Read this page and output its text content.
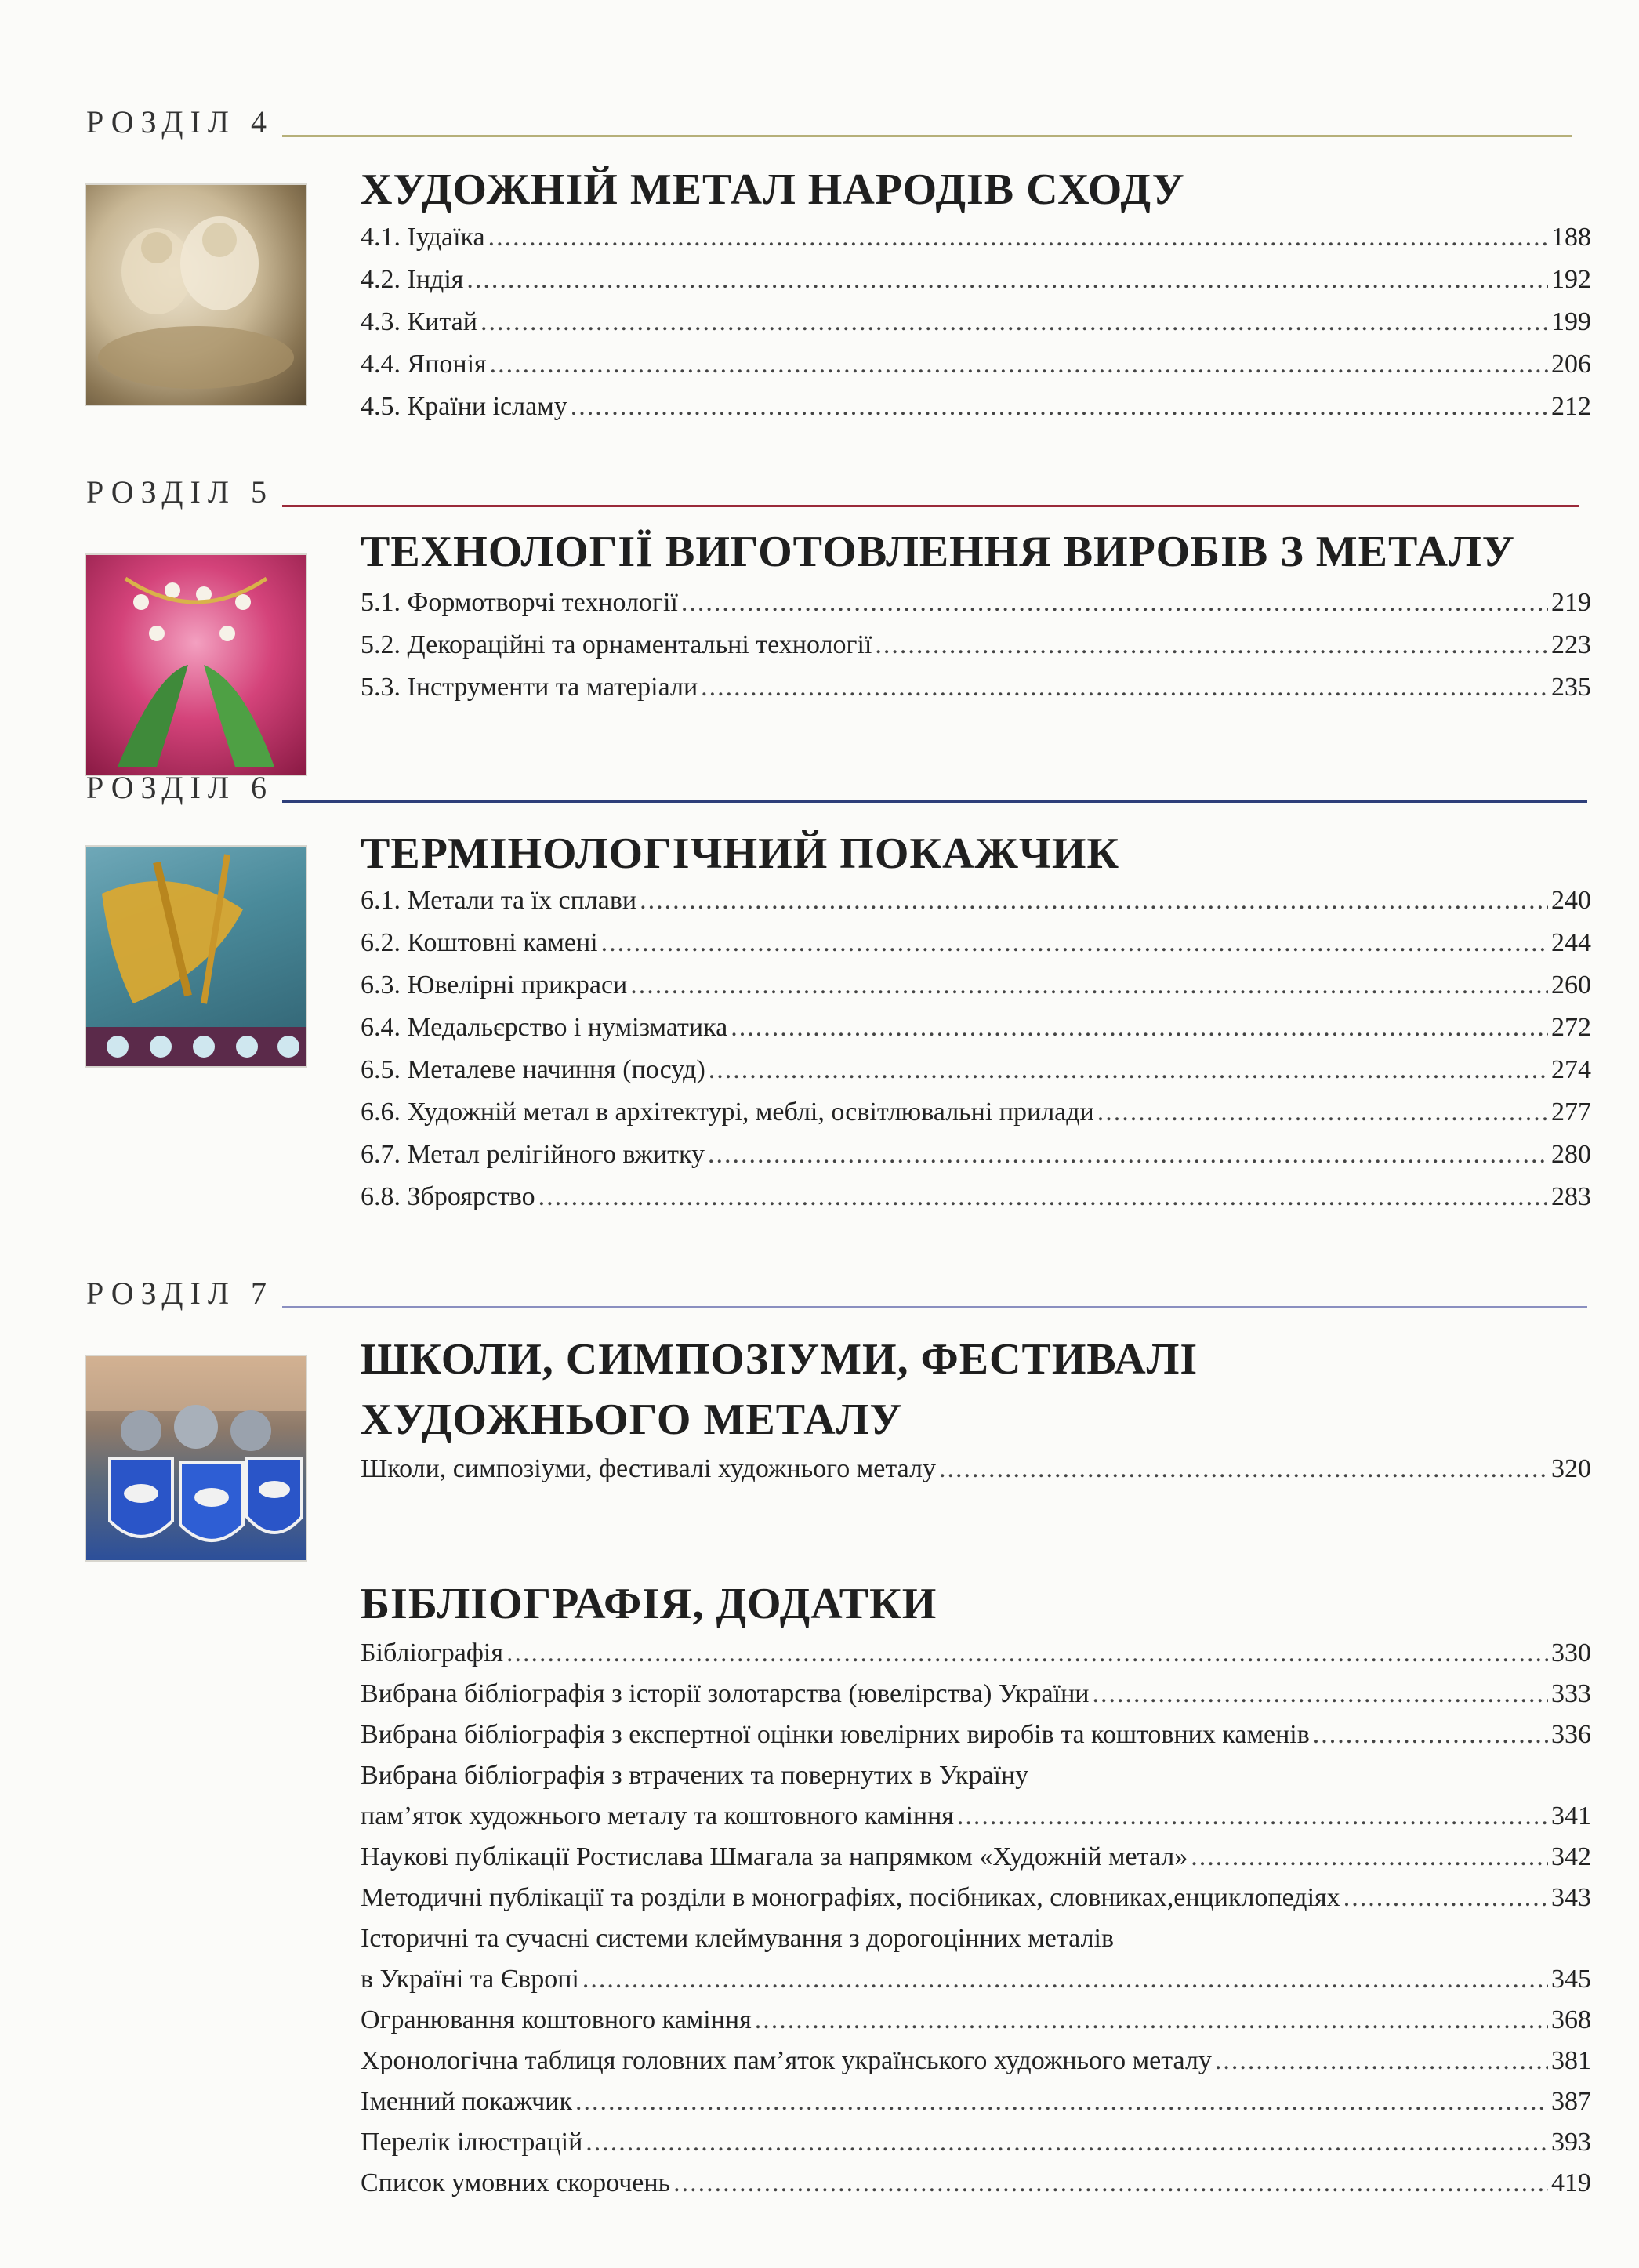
РОЗДІЛ 4
ХУДОЖНІЙ МЕТАЛ НАРОДІВ СХОДУ
4.1. Іудаїка .....	188
4.2. Індія .....	192
4.3. Китай .....	199
4.4. Японія .....	206
4.5. Країни ісламу .....	212
РОЗДІЛ 5
ТЕХНОЛОГІЇ ВИГОТОВЛЕННЯ ВИРОБІВ З МЕТАЛУ
5.1. Формотворчі технології .....	219
5.2. Декораційні та орнаментальні технології .....	223
5.3. Інструменти та матеріали .....	235
РОЗДІЛ 6
ТЕРМІНОЛОГІЧНИЙ ПОКАЖЧИК
6.1. Метали та їх сплави .....	240
6.2. Коштовні камені .....	244
6.3. Ювелірні прикраси .....	260
6.4. Медальєрство і нумізматика .....	272
6.5. Металеве начиння (посуд) .....	274
6.6. Художній метал в архітектурі, меблі, освітлювальні прилади .....	277
6.7. Метал релігійного вжитку .....	280
6.8. Зброярство .....	283
РОЗДІЛ 7
ШКОЛИ, СИМПОЗІУМИ, ФЕСТИВАЛІ
ХУДОЖНЬОГО МЕТАЛУ
Школи, симпозіуми, фестивалі художнього металу .....	320
БІБЛІОГРАФІЯ, ДОДАТКИ
Бібліографія .....	330
Вибрана бібліографія з історії золотарства (ювелірства) України .....	333
Вибрана бібліографія з експертної оцінки ювелірних виробів та коштовних каменів .....	336
Вибрана бібліографія з втрачених та повернутих в Україну
пам’яток художнього металу та коштовного каміння .....	341
Наукові публікації Ростислава Шмагала за напрямком «Художній метал» .....	342
Методичні публікації та розділи в монографіях, посібниках, словниках,енциклопедіях .....	343
Історичні та сучасні системи клеймування з дорогоцінних металів
в Україні та Європі .....	345
Огранювання коштовного каміння .....	368
Хронологічна таблиця головних пам’яток українського художнього металу .....	381
Іменний покажчик .....	387
Перелік ілюстрацій .....	393
Список умовних скорочень .....	419
